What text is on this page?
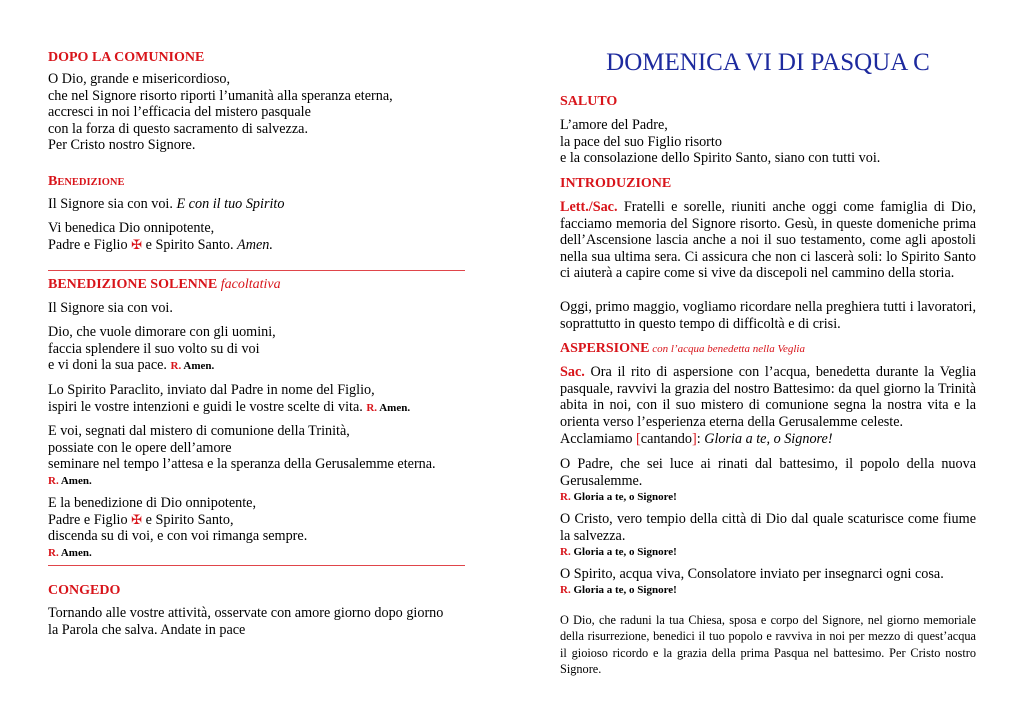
DOPO LA COMUNIONE
O Dio, grande e misericordioso,
che nel Signore risorto riporti l’umanità alla speranza eterna,
accresci in noi l’efficacia del mistero pasquale
con la forza di questo sacramento di salvezza.
Per Cristo nostro Signore.
BENEDIZIONE
Il Signore sia con voi. E con il tuo Spirito
Vi benedica Dio onnipotente,
Padre e Figlio ✠ e Spirito Santo. Amen.
BENEDIZIONE SOLENNE facoltativa
Il Signore sia con voi.
Dio, che vuole dimorare con gli uomini,
faccia splendere il suo volto su di voi
e vi doni la sua pace. R. Amen.
Lo Spirito Paraclito, inviato dal Padre in nome del Figlio,
ispiri le vostre intenzioni e guidi le vostre scelte di vita. R. Amen.
E voi, segnati dal mistero di comunione della Trinità,
possiate con le opere dell’amore
seminare nel tempo l’attesa e la speranza della Gerusalemme eterna.
R. Amen.
E la benedizione di Dio onnipotente,
Padre e Figlio ✠ e Spirito Santo,
discenda su di voi, e con voi rimanga sempre.
R. Amen.
CONGEDO
Tornando alle vostre attività, osservate con amore giorno dopo giorno
la Parola che salva. Andate in pace
DOMENICA VI DI PASQUA C
SALUTO
L’amore del Padre,
la pace del suo Figlio risorto
e la consolazione dello Spirito Santo, siano con tutti voi.
INTRODUZIONE
Lett./Sac. Fratelli e sorelle, riuniti anche oggi come famiglia di Dio, facciamo memoria del Signore risorto. Gesù, in queste domeniche prima dell’Ascensione lascia anche a noi il suo testamento, come agli apostoli nella sua ultima sera. Ci assicura che non ci lascerà soli: lo Spirito Santo ci aiuterà a capire come si vive da discepoli nel cammino della storia.
Oggi, primo maggio, vogliamo ricordare nella preghiera tutti i lavoratori, soprattutto in questo tempo di difficoltà e di crisi.
ASPERSIONE con l’acqua benedetta nella Veglia
Sac. Ora il rito di aspersione con l’acqua, benedetta durante la Veglia pasquale, ravvivi la grazia del nostro Battesimo: da quel giorno la Trinità abita in noi, con il suo mistero di comunione segna la nostra vita e la orienta verso l’esperienza eterna della Gerusalemme celeste.
Acclamiamo [cantando]: Gloria a te, o Signore!
O Padre, che sei luce ai rinati dal battesimo, il popolo della nuova Gerusalemme.
R. Gloria a te, o Signore!
O Cristo, vero tempio della città di Dio dal quale scaturisce come fiume la salvezza.
R. Gloria a te, o Signore!
O Spirito, acqua viva, Consolatore inviato per insegnarci ogni cosa.
R. Gloria a te, o Signore!
O Dio, che raduni la tua Chiesa, sposa e corpo del Signore, nel giorno memoriale della risurrezione, benedici il tuo popolo e ravviva in noi per mezzo di quest’acqua il gioioso ricordo e la grazia della prima Pasqua nel battesimo. Per Cristo nostro Signore.
